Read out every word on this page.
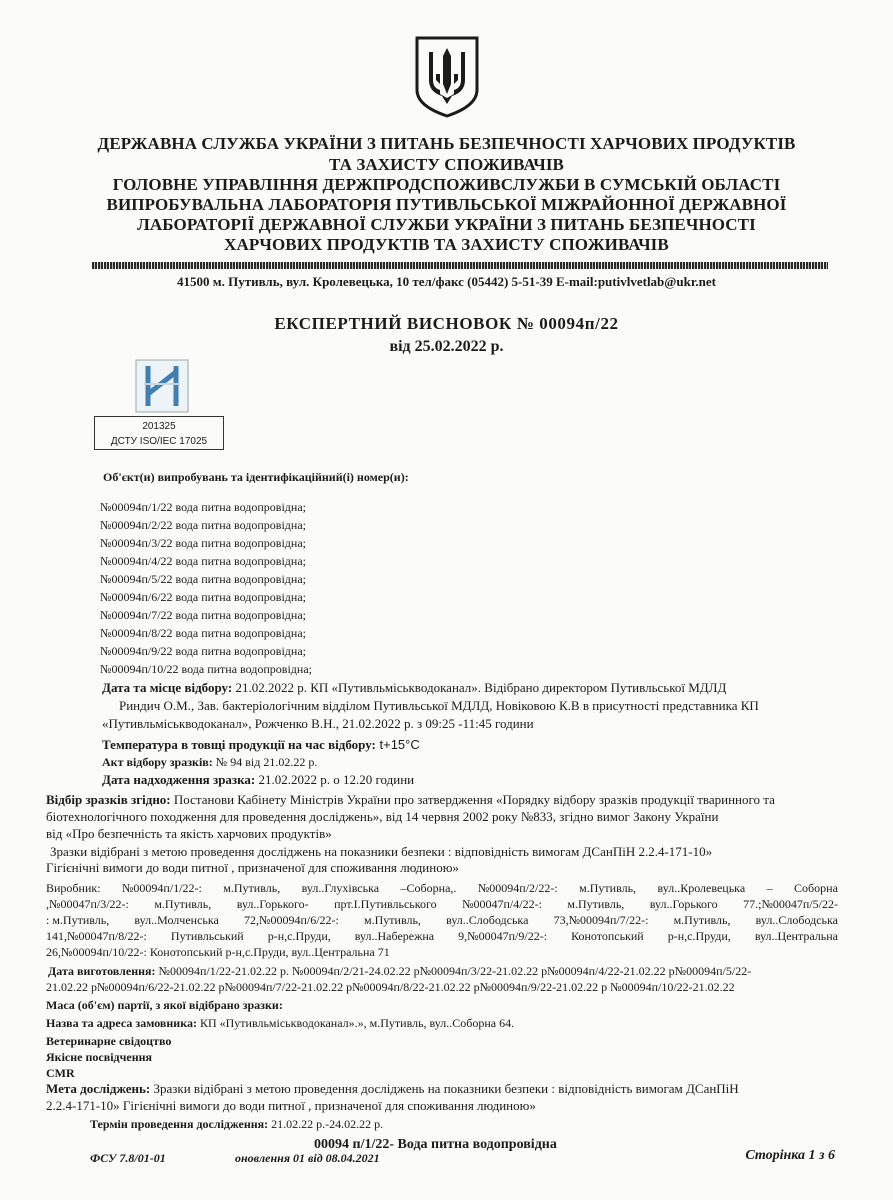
ДЕРЖАВНА СЛУЖБА УКРАЇНИ З ПИТАНЬ БЕЗПЕЧНОСТІ ХАРЧОВИХ ПРОДУКТІВ
ТА ЗАХИСТУ СПОЖИВАЧІВ
ГОЛОВНЕ УПРАВЛІННЯ ДЕРЖПРОДСПОЖИВСЛУЖБИ В СУМСЬКІЙ ОБЛАСТІ
ВИПРОБУВАЛЬНА ЛАБОРАТОРІЯ ПУТИВЛЬСЬКОЇ МІЖРАЙОННОЇ ДЕРЖАВНОЇ
ЛАБОРАТОРІЇ ДЕРЖАВНОЇ СЛУЖБИ УКРАЇНИ З ПИТАНЬ БЕЗПЕЧНОСТІ
ХАРЧОВИХ ПРОДУКТІВ ТА ЗАХИСТУ СПОЖИВАЧІВ
41500 м. Путивль, вул. Кролевецька, 10 тел/факс (05442) 5-51-39 E-mail:putivlvetlab@ukr.net
ЕКСПЕРТНИЙ ВИСНОВОК № 00094п/22
від 25.02.2022 р.
201325
ДСТУ ISO/IEC 17025
Об'єкт(и) випробувань та ідентифікаційний(і) номер(и):
№00094п/1/22 вода питна водопровідна;
№00094п/2/22 вода питна водопровідна;
№00094п/3/22 вода питна водопровідна;
№00094п/4/22 вода питна водопровідна;
№00094п/5/22 вода питна водопровідна;
№00094п/6/22 вода питна водопровідна;
№00094п/7/22 вода питна водопровідна;
№00094п/8/22 вода питна водопровідна;
№00094п/9/22 вода питна водопровідна;
№00094п/10/22 вода питна водопровідна;
Дата та місце відбору: 21.02.2022 р. КП «Путивльміськводоканал». Відібрано директором Путивльської МДЛД
Риндич О.М., Зав. бактеріологічним відділом Путивльської МДЛД, Новіковою К.В в присутності представника КП
«Путивльміськводоканал», Рожченко В.Н., 21.02.2022 р. з 09:25 -11:45 години
Температура в товщі продукції на час відбору: t+15°C
Акт відбору зразків: № 94 від 21.02.22 р.
Дата надходження зразка: 21.02.2022 р. о 12.20 години
Відбір зразків згідно: Постанови Кабінету Міністрів України про затвердження «Порядку відбору зразків продукції тваринного та
біотехнологічного походження для проведення досліджень», від 14 червня 2002 року №833, згідно вимог Закону України
від «Про безпечність та якість харчових продуктів»
Зразки відібрані з метою проведення досліджень на показники безпеки : відповідність вимогам ДСанПіН 2.2.4-171-10»
Гігієнічні вимоги до води питної , призначеної для споживання людиною»
Виробник: №00094п/1/22-: м.Путивль, вул..Глухівська –Соборна,. №00094п/2/22-: м.Путивль, вул..Кролевецька – Соборна
,№00047п/3/22-: м.Путивль, вул..Горького- прт.І.Путивльського №00047п/4/22-: м.Путивль, вул..Горького 77.;№00047п/5/22-
: м.Путивль, вул..Молченська 72,№00094п/6/22-: м.Путивль, вул..Слободська 73,№00094п/7/22-: м.Путивль, вул..Слободська
141,№00047п/8/22-: Путивльський р-н,с.Пруди, вул..Набережна 9,№00047п/9/22-: Конотопський р-н,с.Пруди, вул..Центральна
26,№00094п/10/22-: Конотопський р-н,с.Пруди, вул..Центральна 71
Дата виготовлення: №00094п/1/22-21.02.22 р. №00094п/2/21-24.02.22 р№00094п/3/22-21.02.22 р№00094п/4/22-21.02.22 р№00094п/5/22-
21.02.22 р№00094п/6/22-21.02.22 р№00094п/7/22-21.02.22 р№00094п/8/22-21.02.22 р№00094п/9/22-21.02.22 р №00094п/10/22-21.02.22
Маса (об'єм) партії, з якої відібрано зразки:
Назва та адреса замовника: КП «Путивльміськводоканал».», м.Путивль, вул..Соборна 64.
Ветеринарне свідоцтво
Якісне посвідчення
CMR
Мета досліджень: Зразки відібрані з метою проведення досліджень на показники безпеки : відповідність вимогам ДСанПіН
2.2.4-171-10» Гігієнічні вимоги до води питної , призначеної для споживання людиною»
Термін проведення дослідження: 21.02.22 р.-24.02.22 р.
00094 п/1/22- Вода питна водопровідна
ФСУ 7.8/01-01	оновлення 01 від 08.04.2021	Сторінка 1 з 6
